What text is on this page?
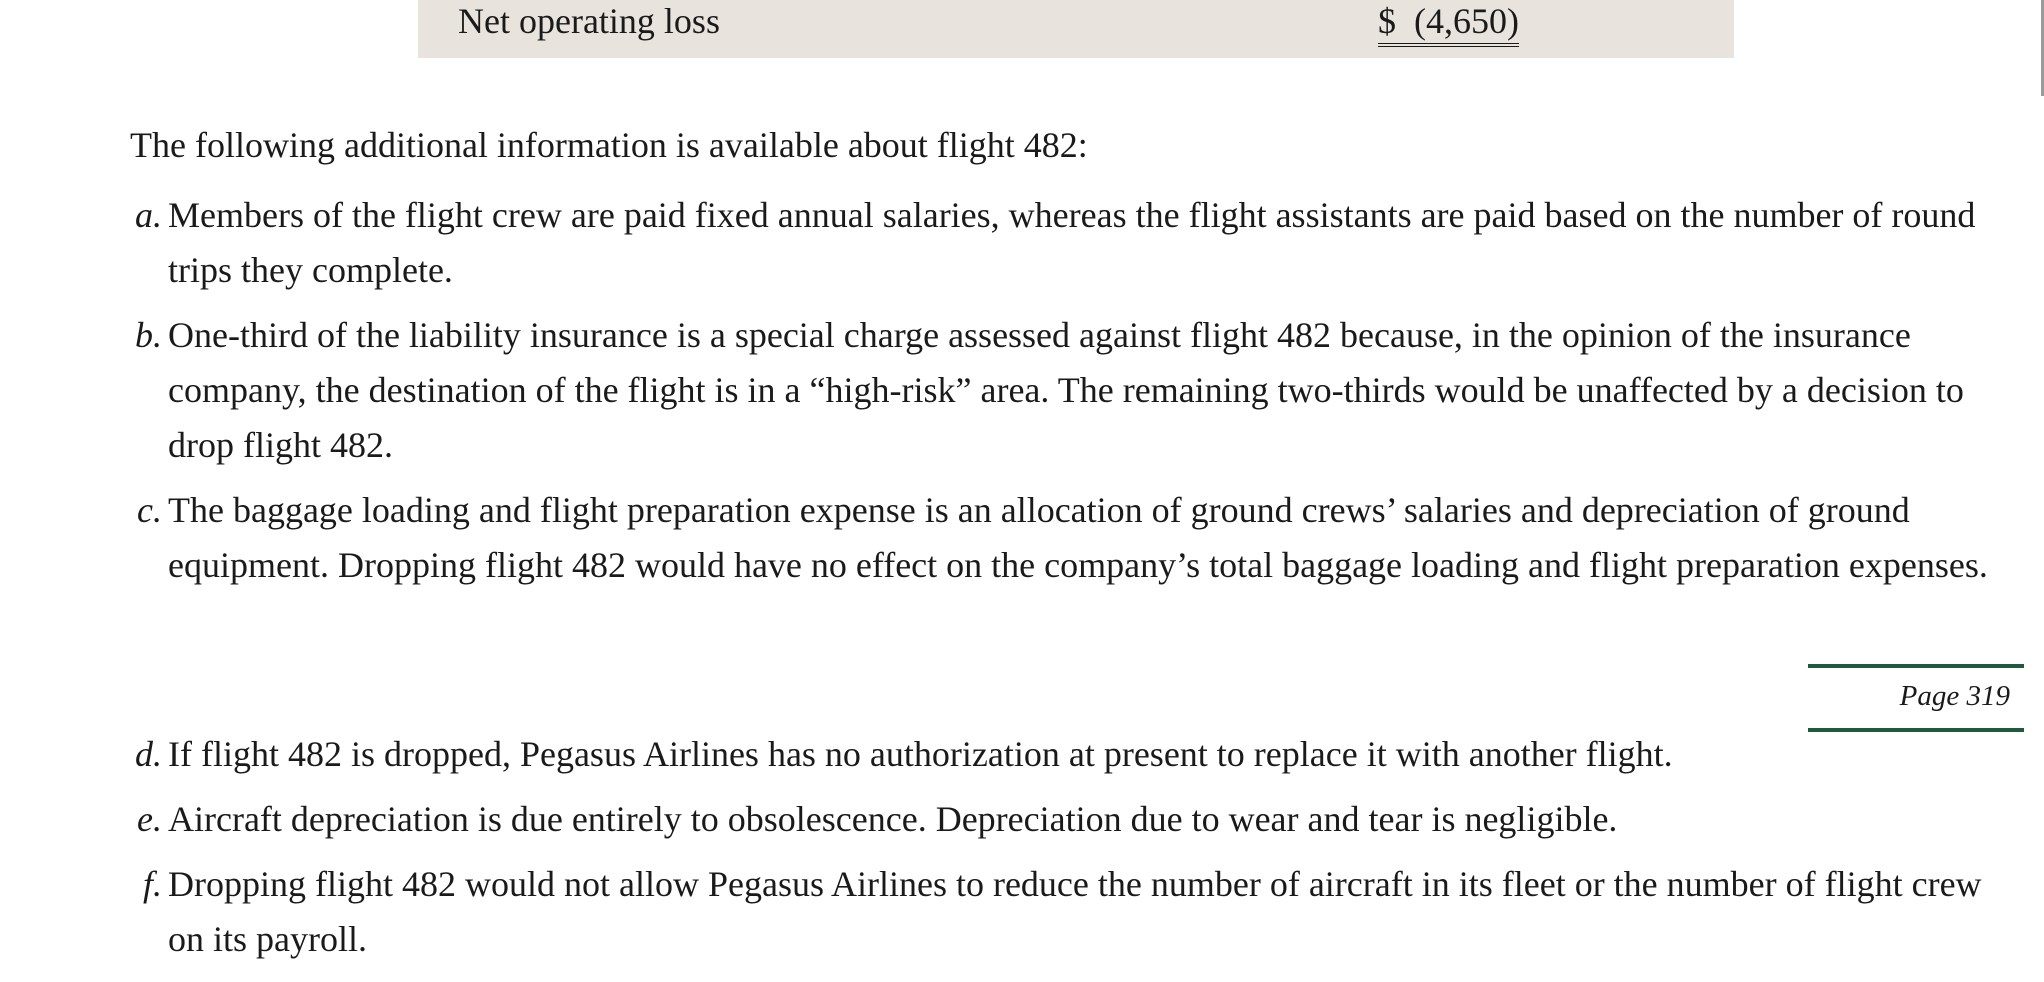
Net operating loss	$  (4,650)

The following additional information is available about flight 482:

a. Members of the flight crew are paid fixed annual salaries, whereas the flight assistants are paid based on the number of round trips they complete.
b. One-third of the liability insurance is a special charge assessed against flight 482 because, in the opinion of the insurance company, the destination of the flight is in a “high-risk” area. The remaining two-thirds would be unaffected by a decision to drop flight 482.
c. The baggage loading and flight preparation expense is an allocation of ground crews’ salaries and depreciation of ground equipment. Dropping flight 482 would have no effect on the company’s total baggage loading and flight preparation expenses.
Page 319
d. If flight 482 is dropped, Pegasus Airlines has no authorization at present to replace it with another flight.
e. Aircraft depreciation is due entirely to obsolescence. Depreciation due to wear and tear is negligible.
f. Dropping flight 482 would not allow Pegasus Airlines to reduce the number of aircraft in its fleet or the number of flight crew on its payroll.
